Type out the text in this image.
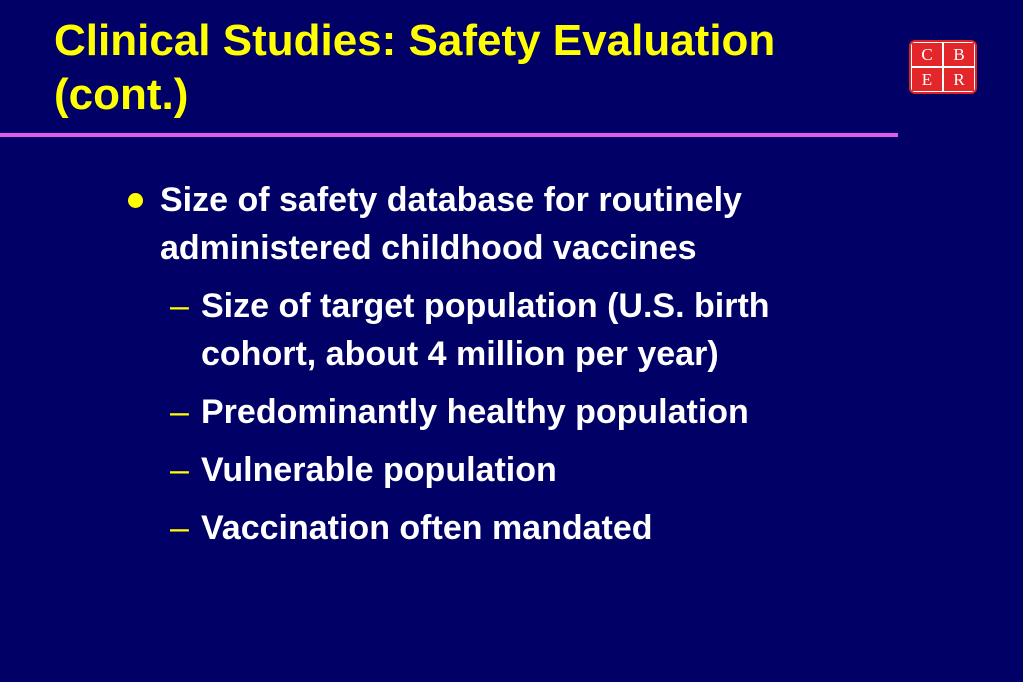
Clinical Studies: Safety Evaluation
(cont.)
C	B
E	R
Size of safety database for routinely
administered childhood vaccines
– Size of target population (U.S. birth
cohort, about 4 million per year)
– Predominantly healthy population
– Vulnerable population
– Vaccination often mandated
